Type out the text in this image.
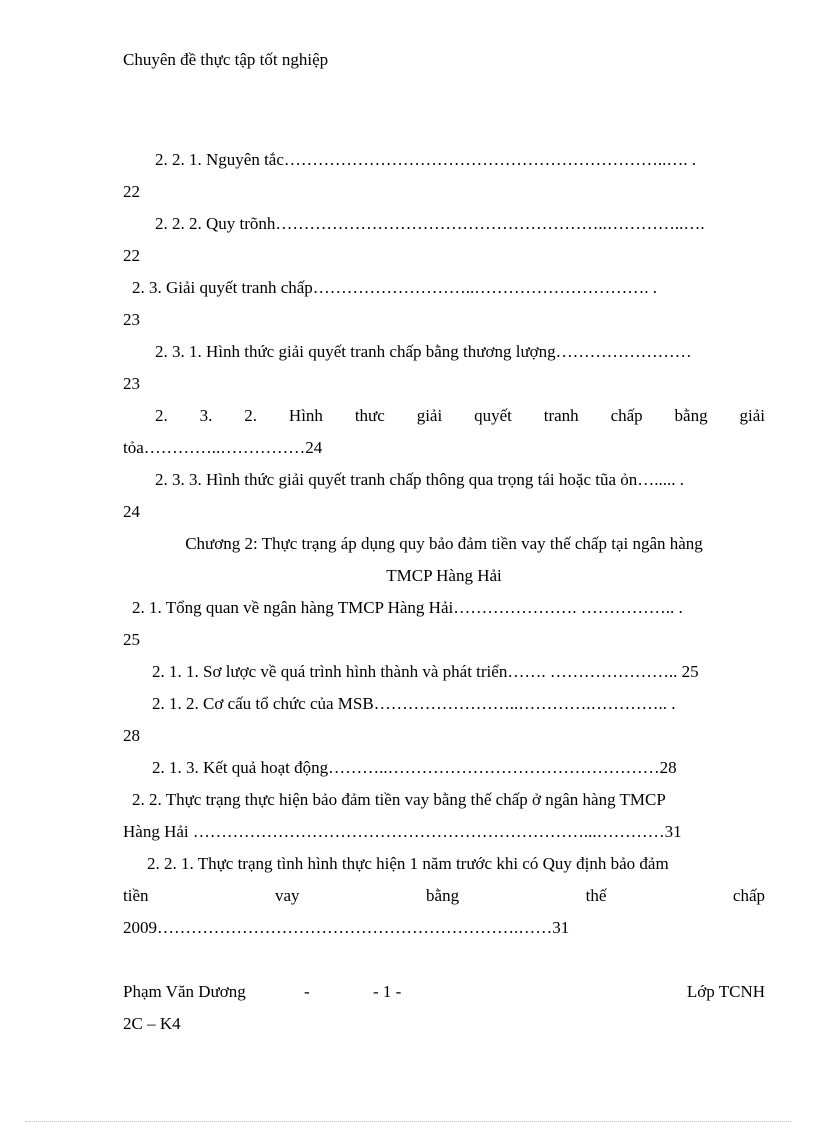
Chuyên đề thực tập tốt nghiệp
2. 2. 1. Nguyên tắc…………………………………………………………..…. .
22
2. 2. 2. Quy trõnh…………………………………………………..…………..….
22
2. 3. Giải quyết tranh chấp………………………..…………………………. .
23
2. 3. 1. Hình thức giải quyết tranh chấp bằng thương lượng……………………
23
2. 3. 2. Hình thưc giải quyết tranh chấp bằng giải
tỏa…………..……………24
2. 3. 3. Hình thức giải quyết tranh chấp thông qua trọng tái hoặc tũa ỏn…..... .
24
Chương 2: Thực trạng áp dụng quy bảo đảm tiền vay thế chấp tại ngân hàng
TMCP Hàng Hải
2. 1. Tổng quan về ngân hàng TMCP Hàng Hải…………………. …………….. .
25
2. 1. 1. Sơ lược về quá trình hình thành và phát triển……. ………………….. 25
2. 1. 2. Cơ cấu tổ chức của MSB……………………..………….………….. .
28
2. 1. 3. Kết quả hoạt động………..…………………………………………28
2. 2. Thực trạng thực hiện bảo đảm tiền vay bằng thế chấp ở ngân hàng TMCP
Hàng Hải ……………………………………………………………...…………31
2. 2. 1. Thực trạng tình hình thực hiện 1 năm trước khi có Quy định bảo đảm
tiền vay bằng thế chấp
2009……………………………………………………….……31
Phạm Văn Dương	-	- 1 -	Lớp TCNH
2C – K4
